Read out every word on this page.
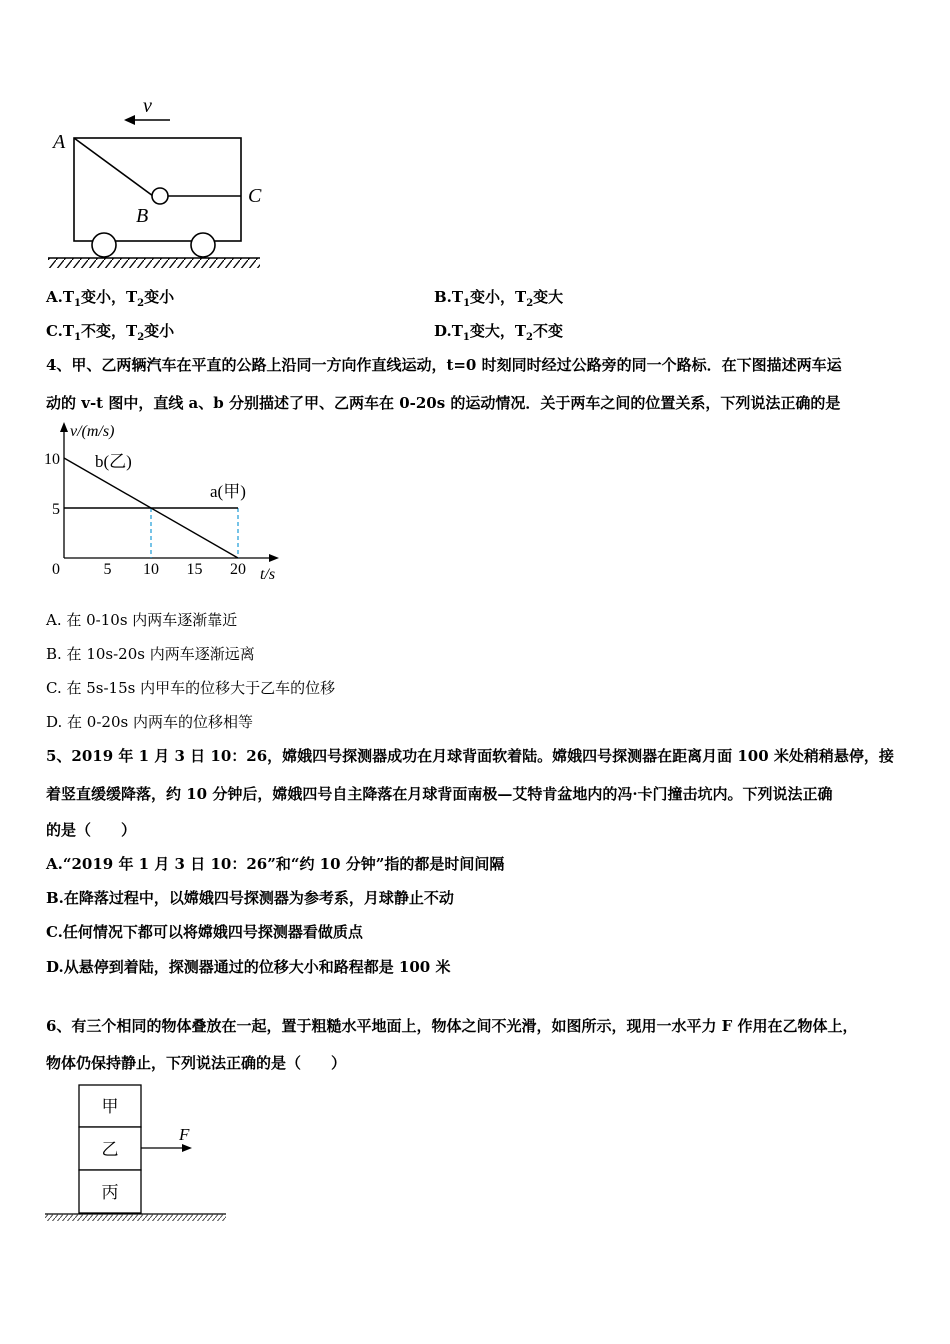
v
A
B
C
$A.T_1$变小，$T_2$变小	$B.T_1$变小，$T_2$变大
$C.T_1$不变，$T_2$变小	$D.T_1$变大，$T_2$不变
4、甲、乙两辆汽车在平直的公路上沿同一方向作直线运动，t=0 时刻同时经过公路旁的同一个路标．在下图描述两车运
动的 v-t 图中，直线 a、b 分别描述了甲、乙两车在 0-20s 的运动情况．关于两车之间的位置关系，下列说法正确的是
v/(m/s)
t/s
0
b(乙)
a(甲)
5 10 15 20
5
10
A. 在 0-10s 内两车逐渐靠近
B. 在 10s-20s 内两车逐渐远离
C. 在 5s-15s 内甲车的位移大于乙车的位移
D. 在 0-20s 内两车的位移相等
5、2019 年 1 月 3 日 10：26，嫦娥四号探测器成功在月球背面软着陆。嫦娥四号探测器在距离月面 100 米处稍稍悬停，接
着竖直缓缓降落，约 10 分钟后，嫦娥四号自主降落在月球背面南极—艾特肯盆地内的冯·卡门撞击坑内。下列说法正确
的是（　　）
A.“2019 年 1 月 3 日 10：26”和“约 10 分钟”指的都是时间间隔
B.在降落过程中，以嫦娥四号探测器为参考系，月球静止不动
C.任何情况下都可以将嫦娥四号探测器看做质点
D.从悬停到着陆，探测器通过的位移大小和路程都是 100 米
6、有三个相同的物体叠放在一起，置于粗糙水平地面上，物体之间不光滑，如图所示，现用一水平力 F 作用在乙物体上，
物体仍保持静止，下列说法正确的是（　　）
甲
乙
丙
F
